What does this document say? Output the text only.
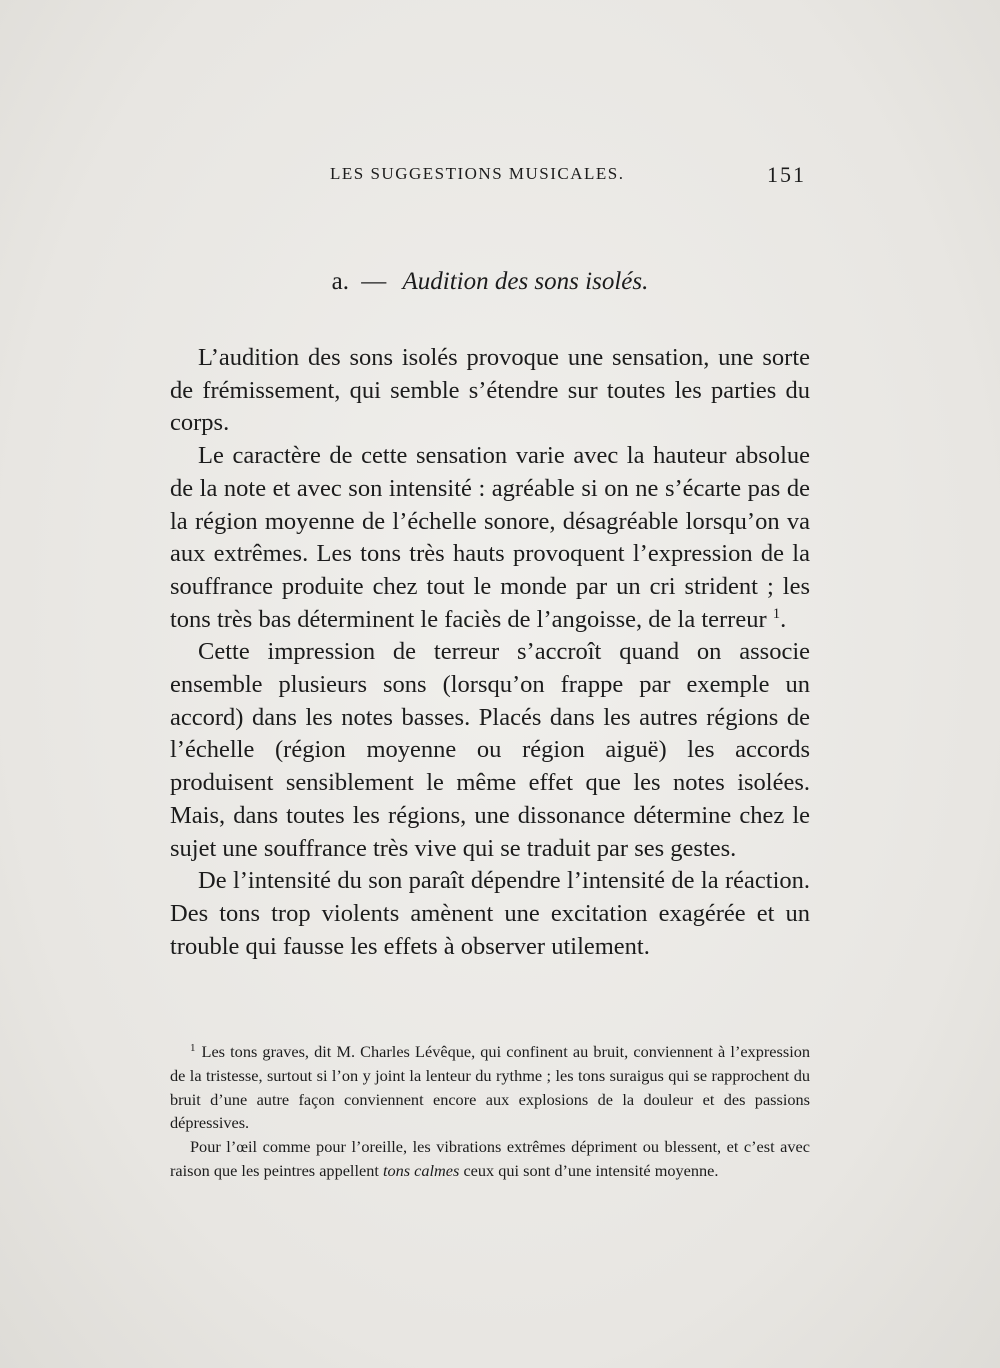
LES SUGGESTIONS MUSICALES.	151
a. — Audition des sons isolés.

L’audition des sons isolés provoque une sensation, une sorte de frémissement, qui semble s’étendre sur toutes les parties du corps.

Le caractère de cette sensation varie avec la hauteur absolue de la note et avec son intensité : agréable si on ne s’écarte pas de la région moyenne de l’échelle sonore, désagréable lorsqu’on va aux extrêmes. Les tons très hauts provoquent l’expression de la souffrance produite chez tout le monde par un cri strident ; les tons très bas déterminent le faciès de l’angoisse, de la terreur $^1$.

Cette impression de terreur s’accroît quand on associe ensemble plusieurs sons (lorsqu’on frappe par exemple un accord) dans les notes basses. Placés dans les autres régions de l’échelle (région moyenne ou région aiguë) les accords produisent sensiblement le même effet que les notes isolées. Mais, dans toutes les régions, une dissonance détermine chez le sujet une souffrance très vive qui se traduit par ses gestes.

De l’intensité du son paraît dépendre l’intensité de la réaction. Des tons trop violents amènent une excitation exagérée et un trouble qui fausse les effets à observer utilement.

$^1$ Les tons graves, dit M. Charles Lévêque, qui confinent au bruit, conviennent à l’expression de la tristesse, surtout si l’on y joint la lenteur du rythme ; les tons suraigus qui se rapprochent du bruit d’une autre façon conviennent encore aux explosions de la douleur et des passions dépressives.

Pour l’œil comme pour l’oreille, les vibrations extrêmes dépriment ou blessent, et c’est avec raison que les peintres appellent tons calmes ceux qui sont d’une intensité moyenne.
